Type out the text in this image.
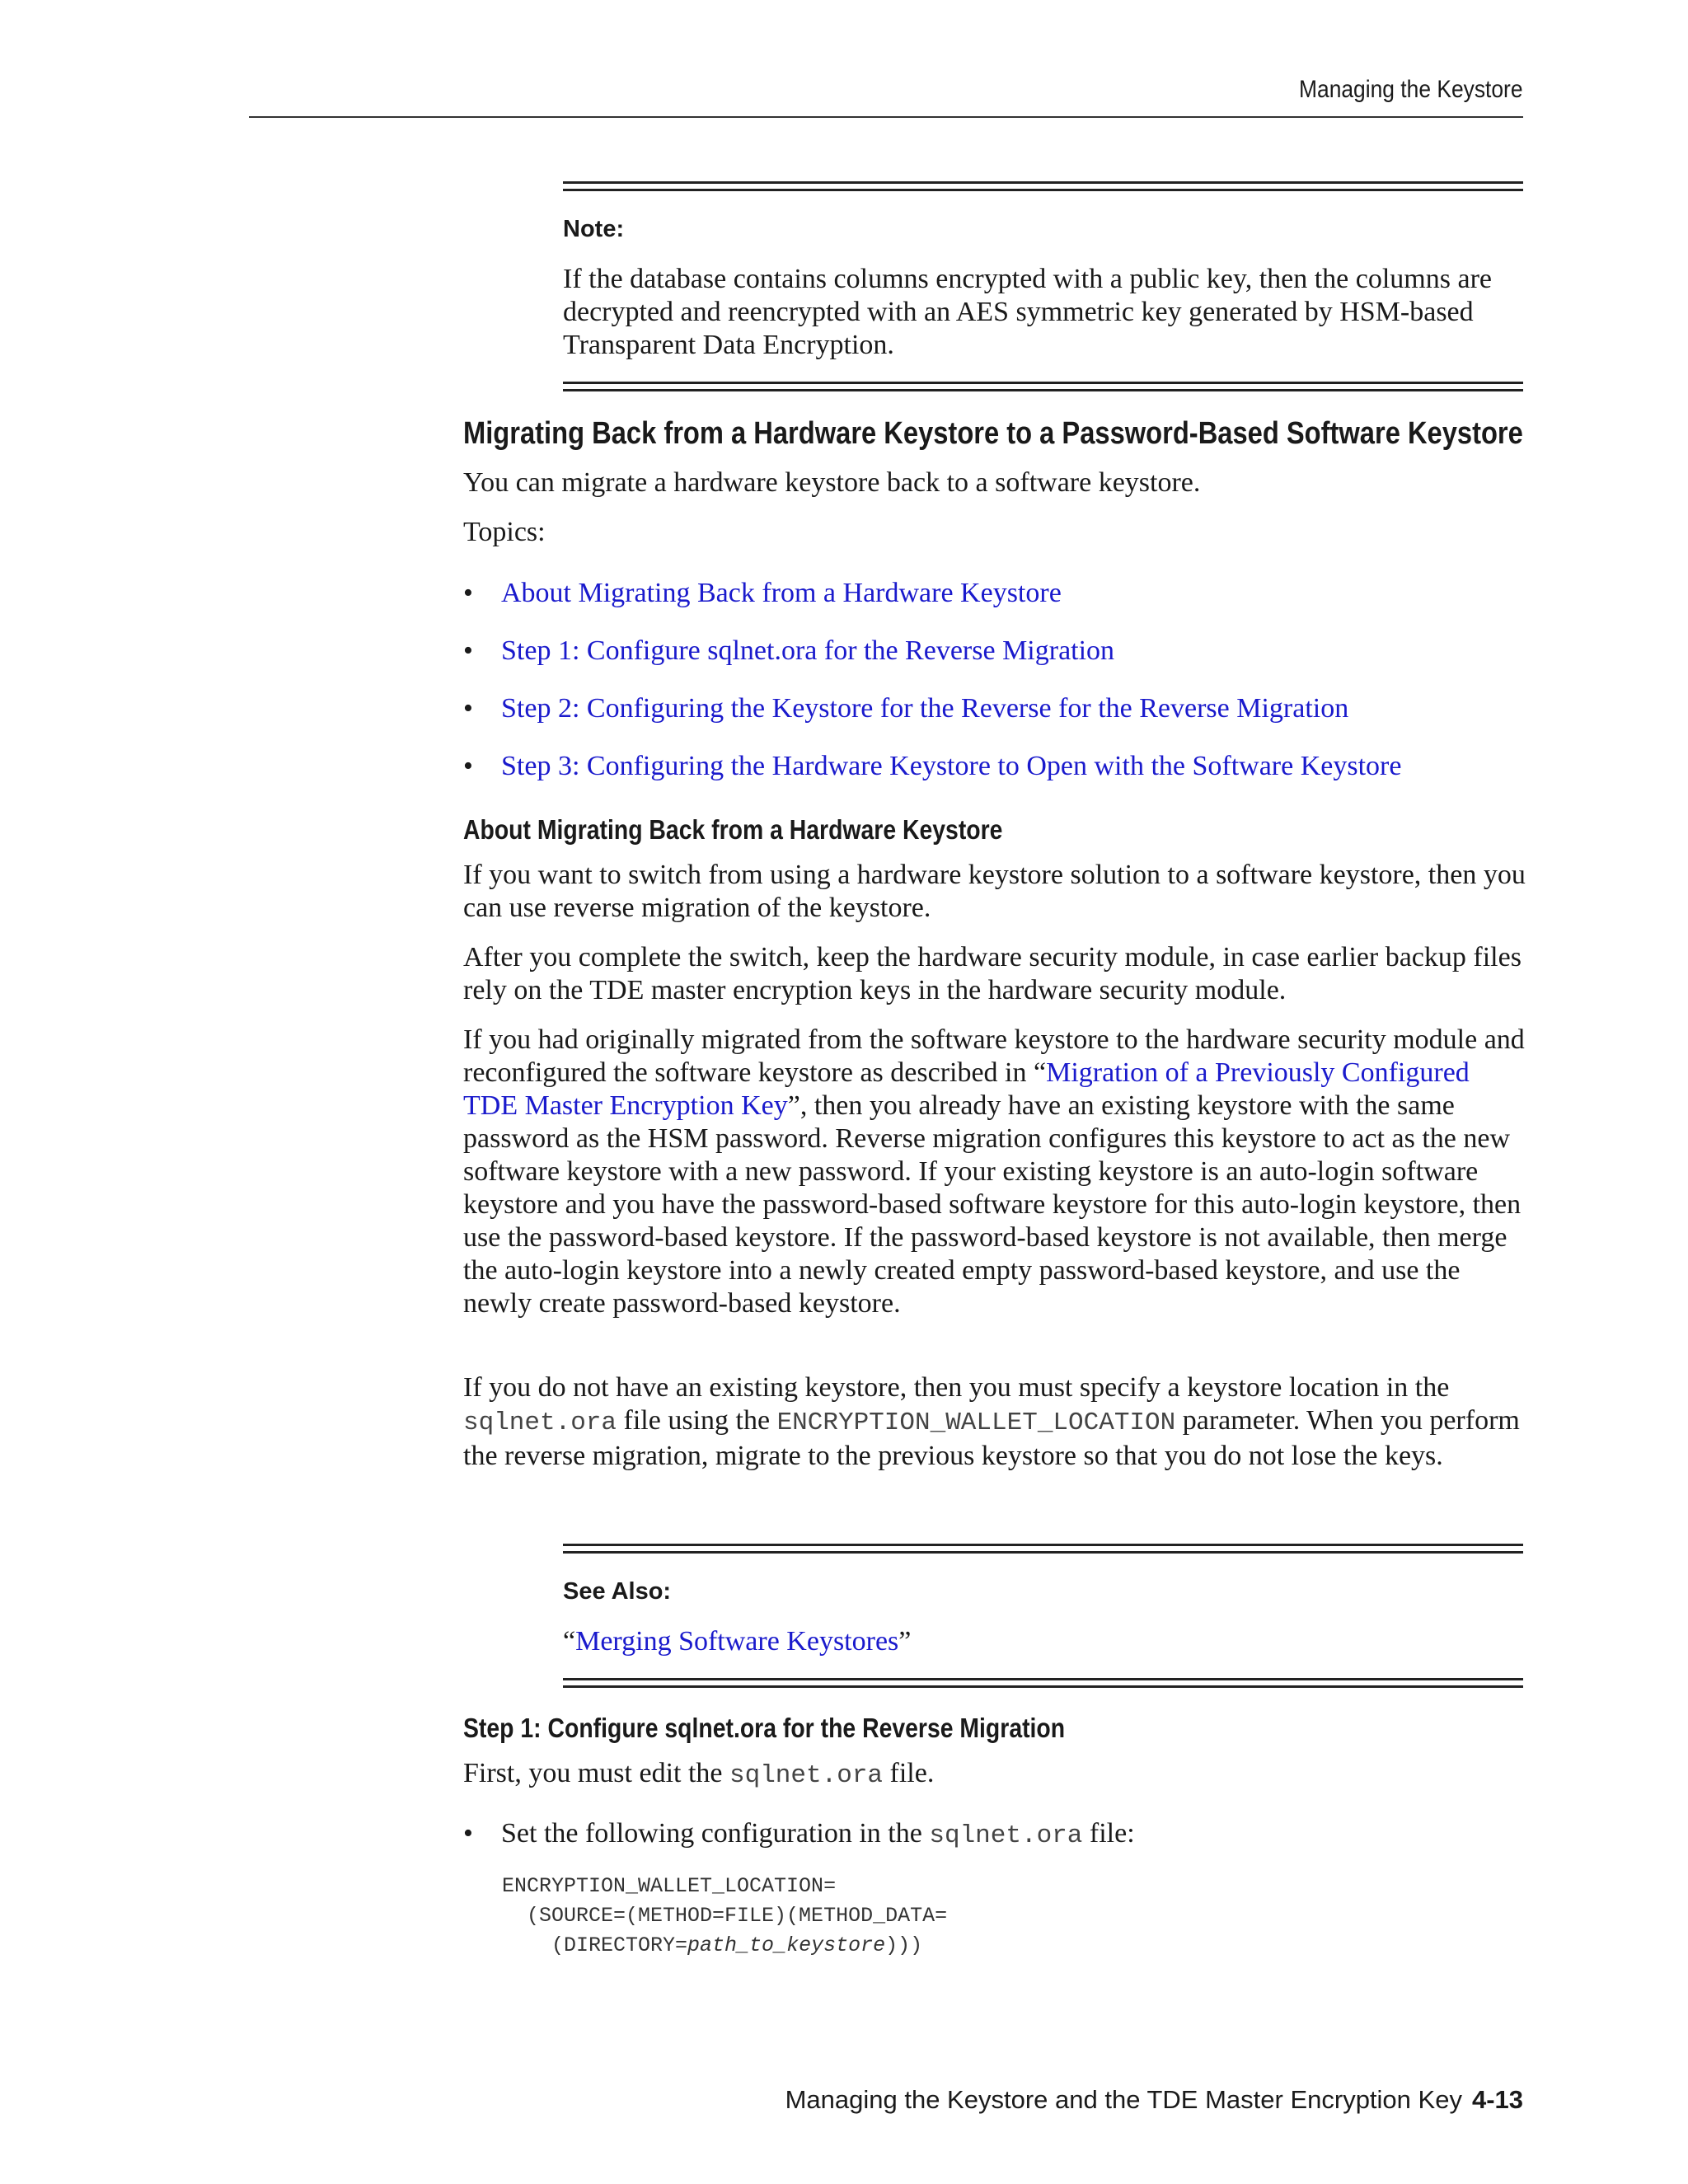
Managing the Keystore
Note:
If the database contains columns encrypted with a public key, then the columns are decrypted and reencrypted with an AES symmetric key generated by HSM-based Transparent Data Encryption.
Migrating Back from a Hardware Keystore to a Password-Based Software Keystore
You can migrate a hardware keystore back to a software keystore.
Topics:
• About Migrating Back from a Hardware Keystore
• Step 1: Configure sqlnet.ora for the Reverse Migration
• Step 2: Configuring the Keystore for the Reverse for the Reverse Migration
• Step 3: Configuring the Hardware Keystore to Open with the Software Keystore
About Migrating Back from a Hardware Keystore
If you want to switch from using a hardware keystore solution to a software keystore, then you can use reverse migration of the keystore.
After you complete the switch, keep the hardware security module, in case earlier backup files rely on the TDE master encryption keys in the hardware security module.
If you had originally migrated from the software keystore to the hardware security module and reconfigured the software keystore as described in “Migration of a Previously Configured TDE Master Encryption Key”, then you already have an existing keystore with the same password as the HSM password. Reverse migration configures this keystore to act as the new software keystore with a new password. If your existing keystore is an auto-login software keystore and you have the password-based software keystore for this auto-login keystore, then use the password-based keystore. If the password-based keystore is not available, then merge the auto-login keystore into a newly created empty password-based keystore, and use the newly create password-based keystore.
If you do not have an existing keystore, then you must specify a keystore location in the sqlnet.ora file using the ENCRYPTION_WALLET_LOCATION parameter. When you perform the reverse migration, migrate to the previous keystore so that you do not lose the keys.
See Also:
“Merging Software Keystores”
Step 1: Configure sqlnet.ora for the Reverse Migration
First, you must edit the sqlnet.ora file.
• Set the following configuration in the sqlnet.ora file:
ENCRYPTION_WALLET_LOCATION=
(SOURCE=(METHOD=FILE)(METHOD_DATA=
(DIRECTORY=path_to_keystore)))
Managing the Keystore and the TDE Master Encryption Key 4-13
